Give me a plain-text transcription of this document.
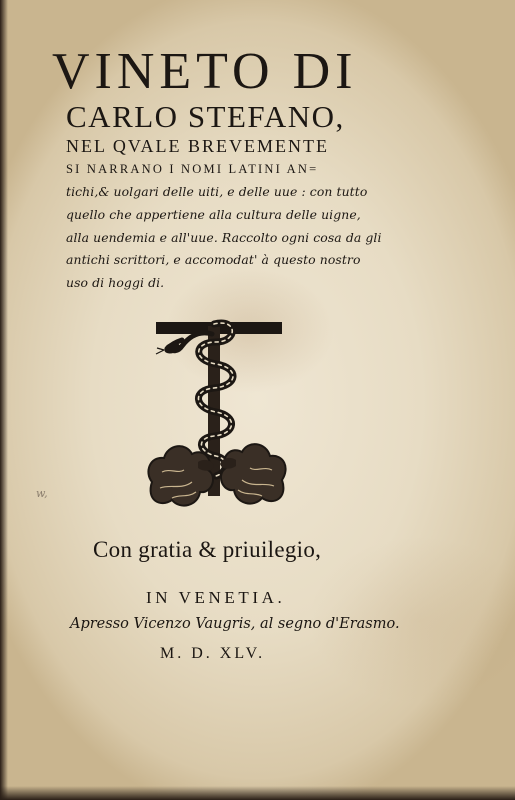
VINETO DI
CARLO STEFANO,
NEL QVALE BREVEMENTE
SI NARRANO I NOMI LATINI AN=
tichi,& uolgari delle uiti, e delle uue : con tutto
quello che appertiene alla cultura delle uigne,
alla uendemia e all'uue. Raccolto ogni cosa da gli
antichi scrittori, e accomodat' à questo nostro
uso di hoggi di.
w,
Con gratia & priuilegio,
IN VENETIA.
Apresso Vicenzo Vaugris, al segno d'Erasmo.
M. D. XLV.
